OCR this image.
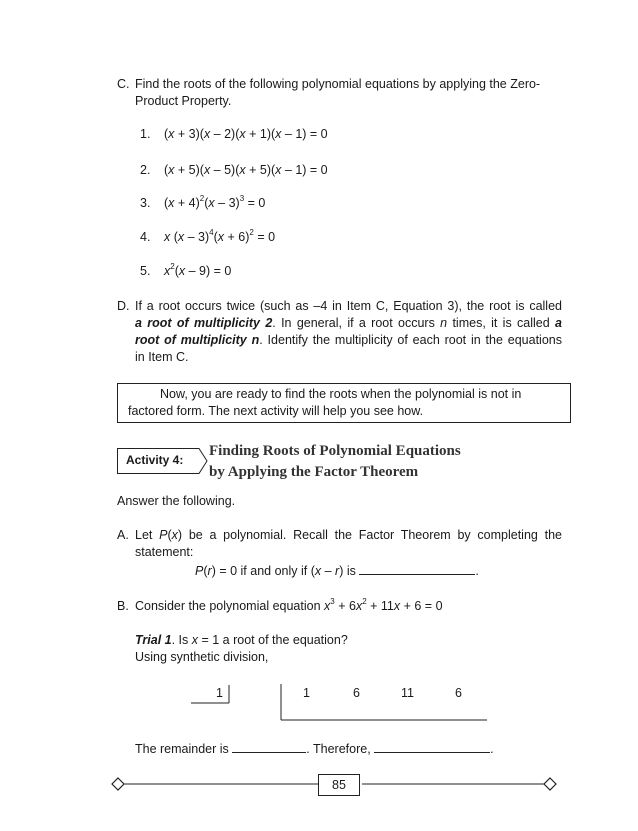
C. Find the roots of the following polynomial equations by applying the Zero-
Product Property.
1. (x + 3)(x – 2)(x + 1)(x – 1) = 0
2. (x + 5)(x – 5)(x + 5)(x – 1) = 0
3. $(x + 4)^2(x - 3)^3 = 0$
4. x $(x - 3)^4(x + 6)^2 = 0$
5. $x^2(x - 9) = 0$
D. If a root occurs twice (such as –4 in Item C, Equation 3), the root is called
a root of multiplicity 2. In general, if a root occurs n times, it is called a
root of multiplicity n. Identify the multiplicity of each root in the equations
in Item C.
Now, you are ready to find the roots when the polynomial is not in
factored form. The next activity will help you see how.
Activity 4:
Finding Roots of Polynomial Equations
by Applying the Factor Theorem
Answer the following.
A. Let P(x) be a polynomial. Recall the Factor Theorem by completing the
statement:
P(r) = 0 if and only if (x – r) is	.
B. Consider the polynomial equation $x^3 + 6x^2 + 11x + 6 = 0$
Trial 1. Is x = 1 a root of the equation?
Using synthetic division,
1	1	6	11	6
The remainder is	. Therefore,	.
85
